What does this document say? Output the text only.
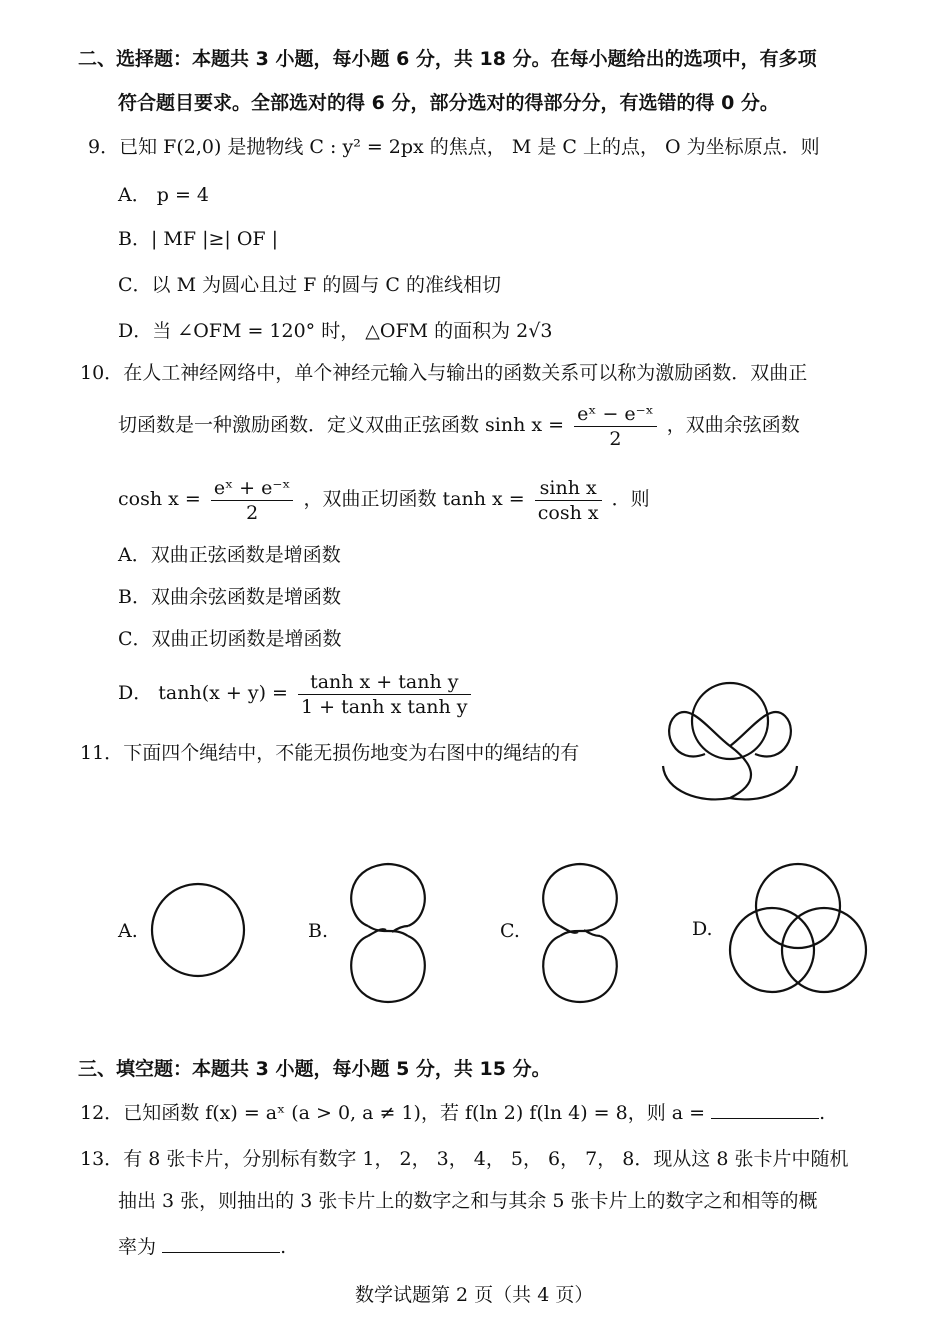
二、选择题：本题共 3 小题，每小题 6 分，共 18 分。在每小题给出的选项中，有多项
符合题目要求。全部选对的得 6 分，部分选对的得部分分，有选错的得 0 分。
9．已知 F(2,0) 是抛物线 C : y² = 2px 的焦点， M 是 C 上的点， O 为坐标原点．则
A． p = 4
B．| MF |≥| OF |
C．以 M 为圆心且过 F 的圆与 C 的准线相切
D．当 ∠OFM = 120° 时， △OFM 的面积为 2√3
10．在人工神经网络中，单个神经元输入与输出的函数关系可以称为激励函数．双曲正
切函数是一种激励函数．定义双曲正弦函数 $\sinh x = \frac{\text{eˣ − e⁻ˣ}}{2}$ ，双曲余弦函数
$\cosh x = \frac{\text{eˣ + e⁻ˣ}}{2}$ ，双曲正切函数 $\tanh x = \frac{\text{sinh x}}{\text{cosh x}}$ ．则
A．双曲正弦函数是增函数
B．双曲余弦函数是增函数
C．双曲正切函数是增函数
D． $\tanh(x + y) = \frac{\text{tanh x + tanh y}}{\text{1 + tanh x tanh y}}$
11．下面四个绳结中，不能无损伤地变为右图中的绳结的有
A.	B.	C.	D.
三、填空题：本题共 3 小题，每小题 5 分，共 15 分。
12．已知函数 f(x) = aˣ (a > 0, a ≠ 1)，若 f(ln 2) f(ln 4) = 8，则 a =	.
13．有 8 张卡片，分别标有数字 1， 2， 3， 4， 5， 6， 7， 8．现从这 8 张卡片中随机
抽出 3 张，则抽出的 3 张卡片上的数字之和与其余 5 张卡片上的数字之和相等的概
率为	.
数学试题第 2 页（共 4 页）
